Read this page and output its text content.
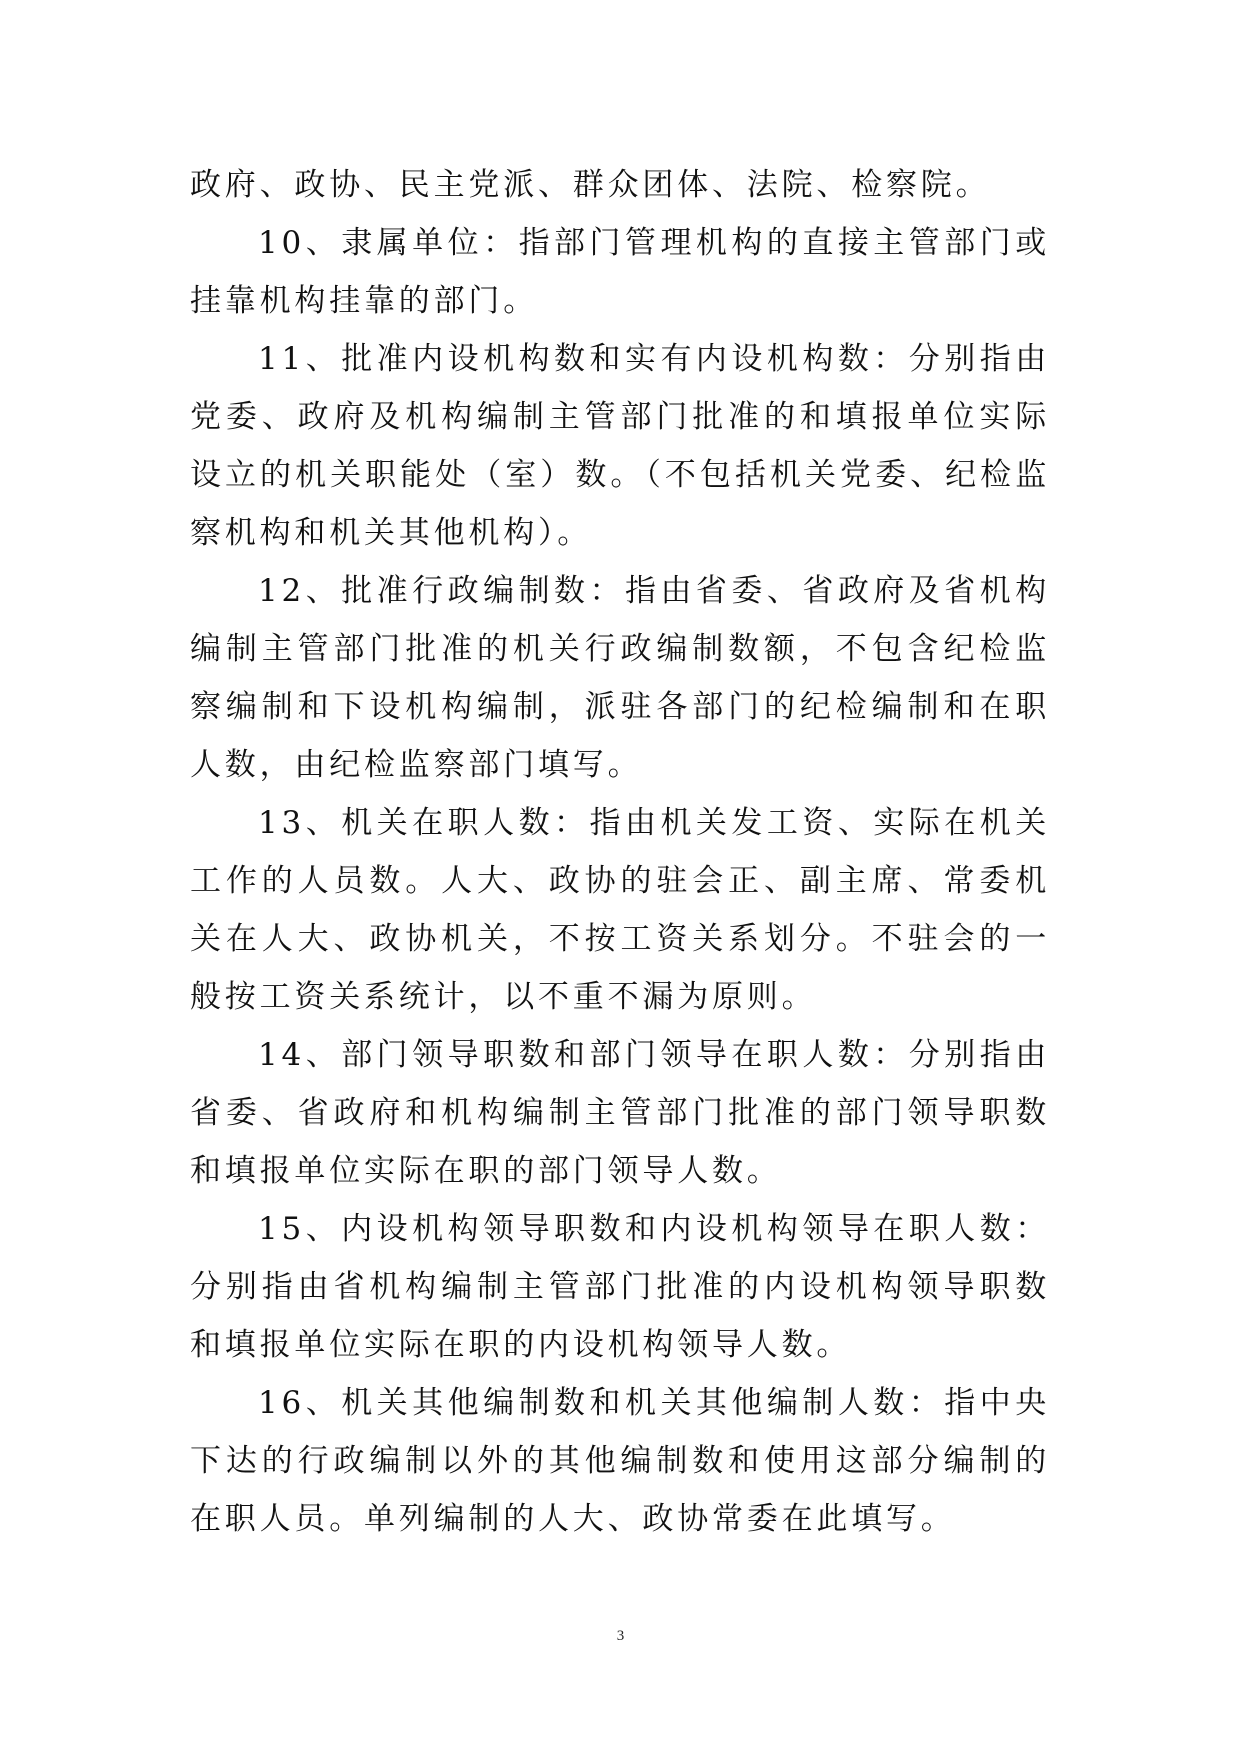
政府、政协、民主党派、群众团体、法院、检察院。

10、隶属单位：指部门管理机构的直接主管部门或挂靠机构挂靠的部门。

11、批准内设机构数和实有内设机构数：分别指由党委、政府及机构编制主管部门批准的和填报单位实际设立的机关职能处（室）数。（不包括机关党委、纪检监察机构和机关其他机构）。

12、批准行政编制数：指由省委、省政府及省机构编制主管部门批准的机关行政编制数额，不包含纪检监察编制和下设机构编制，派驻各部门的纪检编制和在职人数，由纪检监察部门填写。

13、机关在职人数：指由机关发工资、实际在机关工作的人员数。人大、政协的驻会正、副主席、常委机关在人大、政协机关，不按工资关系划分。不驻会的一般按工资关系统计，以不重不漏为原则。

14、部门领导职数和部门领导在职人数：分别指由省委、省政府和机构编制主管部门批准的部门领导职数和填报单位实际在职的部门领导人数。

15、内设机构领导职数和内设机构领导在职人数：分别指由省机构编制主管部门批准的内设机构领导职数和填报单位实际在职的内设机构领导人数。

16、机关其他编制数和机关其他编制人数：指中央下达的行政编制以外的其他编制数和使用这部分编制的在职人员。单列编制的人大、政协常委在此填写。

3
